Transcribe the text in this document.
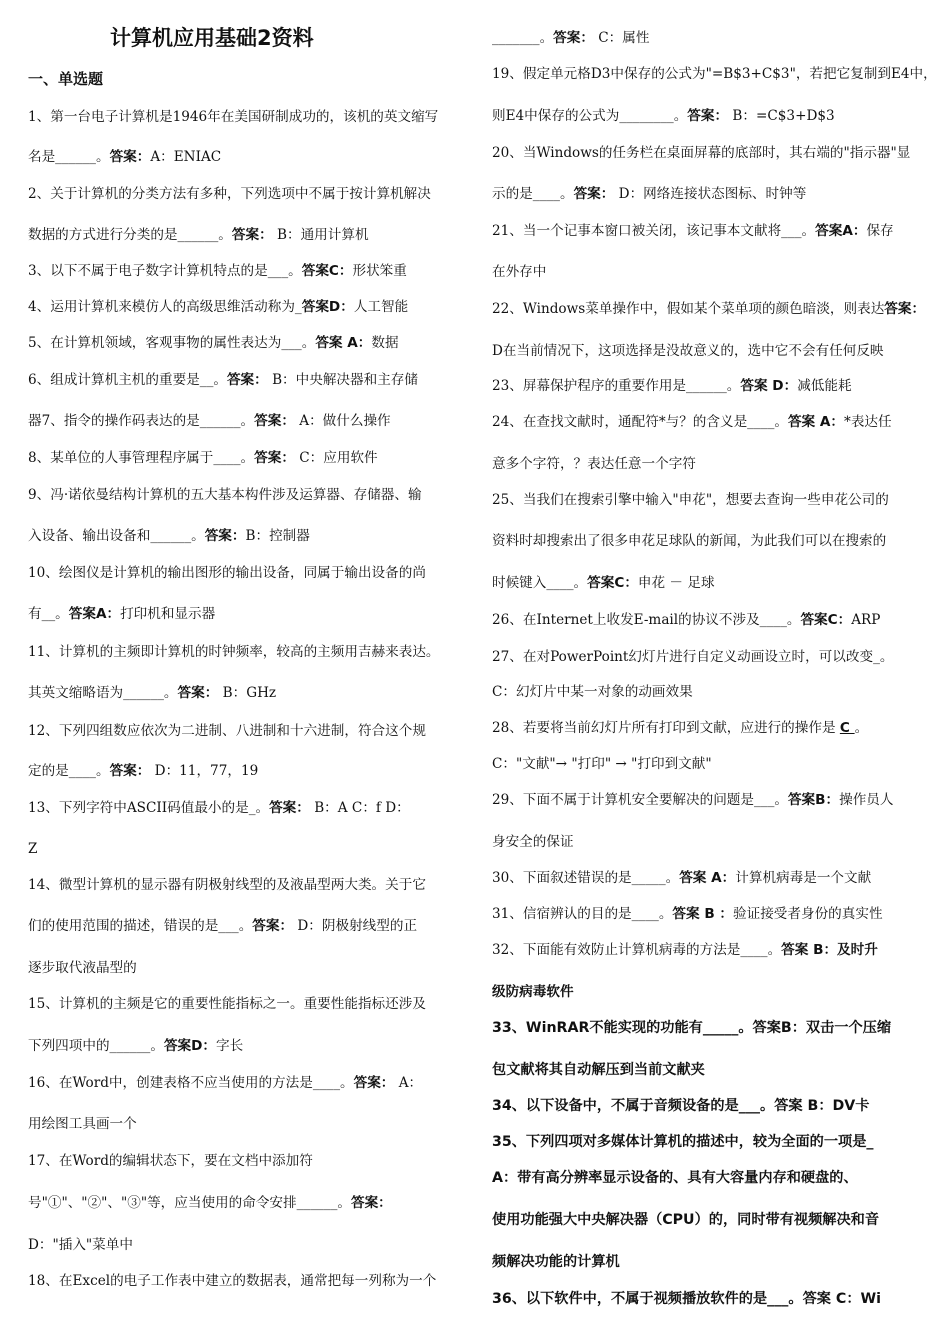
计算机应用基础2资料
一、单选题
1、第一台电子计算机是1946年在美国研制成功的，该机的英文缩写
名是______。答案：A：ENIAC
2、关于计算机的分类方法有多种，下列选项中不属于按计算机解决
数据的方式进行分类的是______。答案： B：通用计算机
3、以下不属于电子数字计算机特点的是___。答案C：形状笨重
4、运用计算机来模仿人的高级思维活动称为_答案D：人工智能
5、在计算机领域，客观事物的属性表达为___。答案 A：数据
6、组成计算机主机的重要是__。答案： B：中央解决器和主存储
器7、指令的操作码表达的是______。答案： A：做什么操作
8、某单位的人事管理程序属于____。答案： C：应用软件
9、冯·诺依曼结构计算机的五大基本构件涉及运算器、存储器、输
入设备、输出设备和______。答案：B：控制器
10、绘图仪是计算机的输出图形的输出设备，同属于输出设备的尚
有__。答案A：打印机和显示器
11、计算机的主频即计算机的时钟频率，较高的主频用吉赫来表达。
其英文缩略语为______。答案： B：GHz
12、下列四组数应依次为二进制、八进制和十六进制，符合这个规
定的是____。答案： D：11，77，19
13、下列字符中ASCII码值最小的是_。答案： B：A C：f D：
Z
14、微型计算机的显示器有阴极射线型的及液晶型两大类。关于它
们的使用范围的描述，错误的是___。答案： D：阴极射线型的正
逐步取代液晶型的
15、计算机的主频是它的重要性能指标之一。重要性能指标还涉及
下列四项中的______。答案D：字长
16、在Word中，创建表格不应当使用的方法是____。答案： A：
用绘图工具画一个
17、在Word的编辑状态下，要在文档中添加符
号"①"、"②"、"③"等，应当使用的命令安排______。答案：
D："插入"菜单中
18、在Excel的电子工作表中建立的数据表，通常把每一列称为一个
_______。答案： C：属性
19、假定单元格D3中保存的公式为"=B$3+C$3"，若把它复制到E4中，
则E4中保存的公式为________。答案： B：=C$3+D$3
20、当Windows的任务栏在桌面屏幕的底部时，其右端的"指示器"显
示的是____。答案： D：网络连接状态图标、时钟等
21、当一个记事本窗口被关闭，该记事本文献将___。答案A：保存
在外存中
22、Windows菜单操作中，假如某个菜单项的颜色暗淡，则表达答案：
D在当前情况下，这项选择是没故意义的，选中它不会有任何反映
23、屏幕保护程序的重要作用是______。答案 D：减低能耗
24、在查找文献时，通配符*与？的含义是____。答案 A：*表达任
意多个字符，？表达任意一个字符
25、当我们在搜索引擎中输入"申花"，想要去查询一些申花公司的
资料时却搜索出了很多申花足球队的新闻，为此我们可以在搜索的
时候键入____。答案C：申花 － 足球
26、在Internet上收发E-mail的协议不涉及____。答案C：ARP
27、在对PowerPoint幻灯片进行自定义动画设立时，可以改变_。
C：幻灯片中某一对象的动画效果
28、若要将当前幻灯片所有打印到文献，应进行的操作是 C 。
C："文献"→ "打印" → "打印到文献"
29、下面不属于计算机安全要解决的问题是___。答案B：操作员人
身安全的保证
30、下面叙述错误的是_____。答案 A：计算机病毒是一个文献
31、信宿辨认的目的是____。答案 B ：验证接受者身份的真实性
32、下面能有效防止计算机病毒的方法是____。答案 B：及时升
级防病毒软件
33、WinRAR不能实现的功能有_____。答案B：双击一个压缩
包文献将其自动解压到当前文献夹
34、以下设备中，不属于音频设备的是___。答案 B：DV卡
35、下列四项对多媒体计算机的描述中，较为全面的一项是_
A：带有高分辨率显示设备的、具有大容量内存和硬盘的、
使用功能强大中央解决器（CPU）的，同时带有视频解决和音
频解决功能的计算机
36、以下软件中，不属于视频播放软件的是___。答案 C：Wi
